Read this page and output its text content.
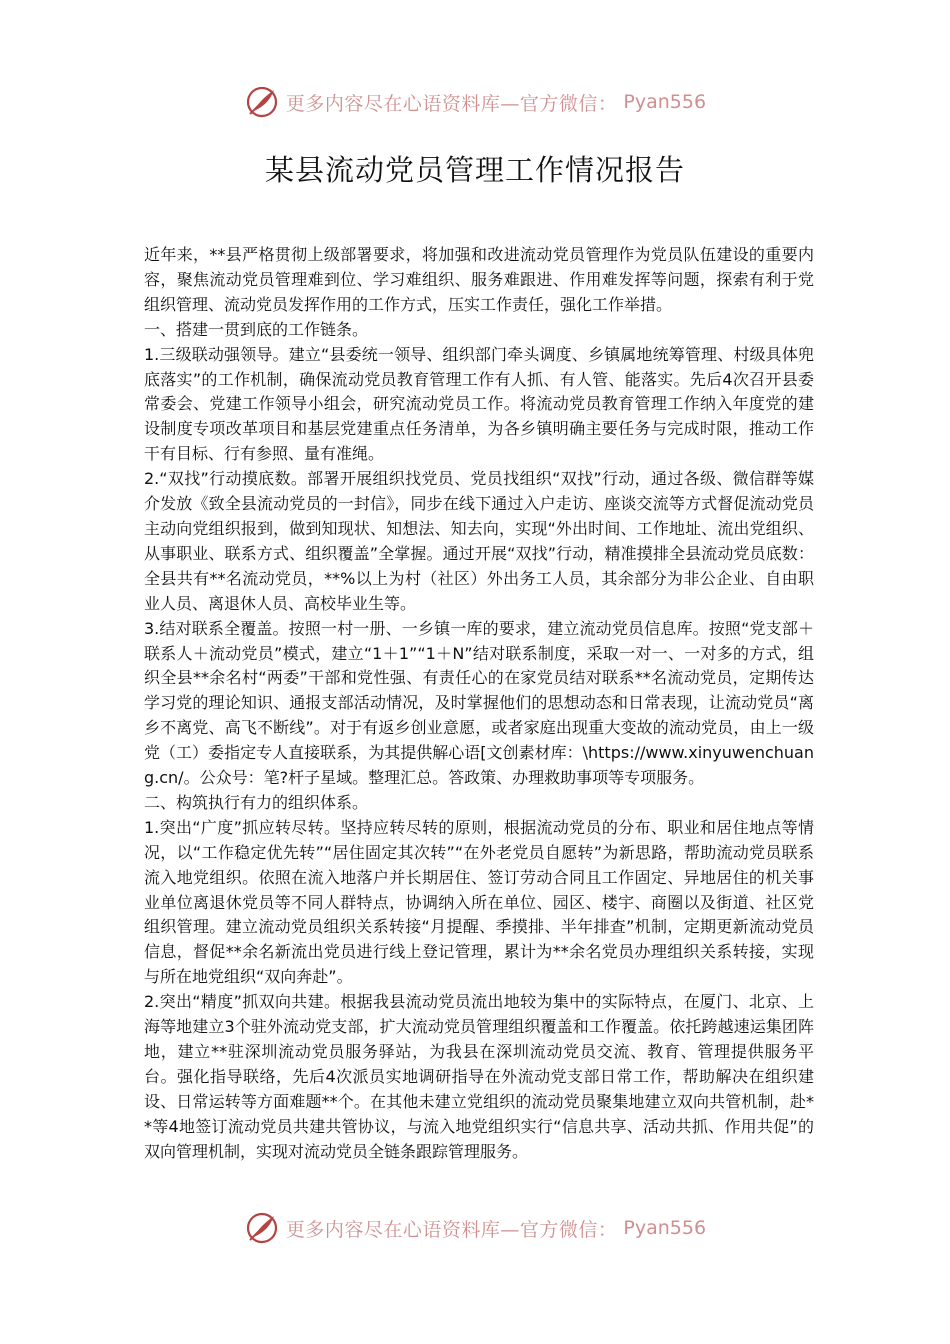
更多内容尽在心语资料库—官方微信： Pyan556
某县流动党员管理工作情况报告

近年来，**县严格贯彻上级部署要求，将加强和改进流动党员管理作为党员队伍建设的重要内容，聚焦流动党员管理难到位、学习难组织、服务难跟进、作用难发挥等问题，探索有利于党组织管理、流动党员发挥作用的工作方式，压实工作责任，强化工作举措。

一、搭建一贯到底的工作链条。

1.三级联动强领导。建立“县委统一领导、组织部门牵头调度、乡镇属地统筹管理、村级具体兜底落实”的工作机制，确保流动党员教育管理工作有人抓、有人管、能落实。先后4次召开县委常委会、党建工作领导小组会，研究流动党员工作。将流动党员教育管理工作纳入年度党的建设制度专项改革项目和基层党建重点任务清单，为各乡镇明确主要任务与完成时限，推动工作干有目标、行有参照、量有准绳。

2.“双找”行动摸底数。部署开展组织找党员、党员找组织“双找”行动，通过各级、微信群等媒介发放《致全县流动党员的一封信》，同步在线下通过入户走访、座谈交流等方式督促流动党员主动向党组织报到，做到知现状、知想法、知去向，实现“外出时间、工作地址、流出党组织、从事职业、联系方式、组织覆盖”全掌握。通过开展“双找”行动，精准摸排全县流动党员底数：全县共有**名流动党员，**%以上为村（社区）外出务工人员，其余部分为非公企业、自由职业人员、离退休人员、高校毕业生等。

3.结对联系全覆盖。按照一村一册、一乡镇一库的要求，建立流动党员信息库。按照“党支部＋联系人＋流动党员”模式，建立“1＋1”“1＋N”结对联系制度，采取一对一、一对多的方式，组织全县**余名村“两委”干部和党性强、有责任心的在家党员结对联系**名流动党员，定期传达学习党的理论知识、通报支部活动情况，及时掌握他们的思想动态和日常表现，让流动党员“离乡不离党、高飞不断线”。对于有返乡创业意愿，或者家庭出现重大变故的流动党员，由上一级党（工）委指定专人直接联系，为其提供解心语[文创素材库：\https://www.xinyuwenchuang.cn/。公众号：笔?杆子星域。整理汇总。答政策、办理救助事项等专项服务。

二、构筑执行有力的组织体系。

1.突出“广度”抓应转尽转。坚持应转尽转的原则，根据流动党员的分布、职业和居住地点等情况，以“工作稳定优先转”“居住固定其次转”“在外老党员自愿转”为新思路，帮助流动党员联系流入地党组织。依照在流入地落户并长期居住、签订劳动合同且工作固定、异地居住的机关事业单位离退休党员等不同人群特点，协调纳入所在单位、园区、楼宇、商圈以及街道、社区党组织管理。建立流动党员组织关系转接“月提醒、季摸排、半年排查”机制，定期更新流动党员信息，督促**余名新流出党员进行线上登记管理，累计为**余名党员办理组织关系转接，实现与所在地党组织“双向奔赴”。

2.突出“精度”抓双向共建。根据我县流动党员流出地较为集中的实际特点，在厦门、北京、上海等地建立3个驻外流动党支部，扩大流动党员管理组织覆盖和工作覆盖。依托跨越速运集团阵地，建立**驻深圳流动党员服务驿站，为我县在深圳流动党员交流、教育、管理提供服务平台。强化指导联络，先后4次派员实地调研指导在外流动党支部日常工作，帮助解决在组织建设、日常运转等方面难题**个。在其他未建立党组织的流动党员聚集地建立双向共管机制，赴**等4地签订流动党员共建共管协议，与流入地党组织实行“信息共享、活动共抓、作用共促”的双向管理机制，实现对流动党员全链条跟踪管理服务。

更多内容尽在心语资料库—官方微信： Pyan556
